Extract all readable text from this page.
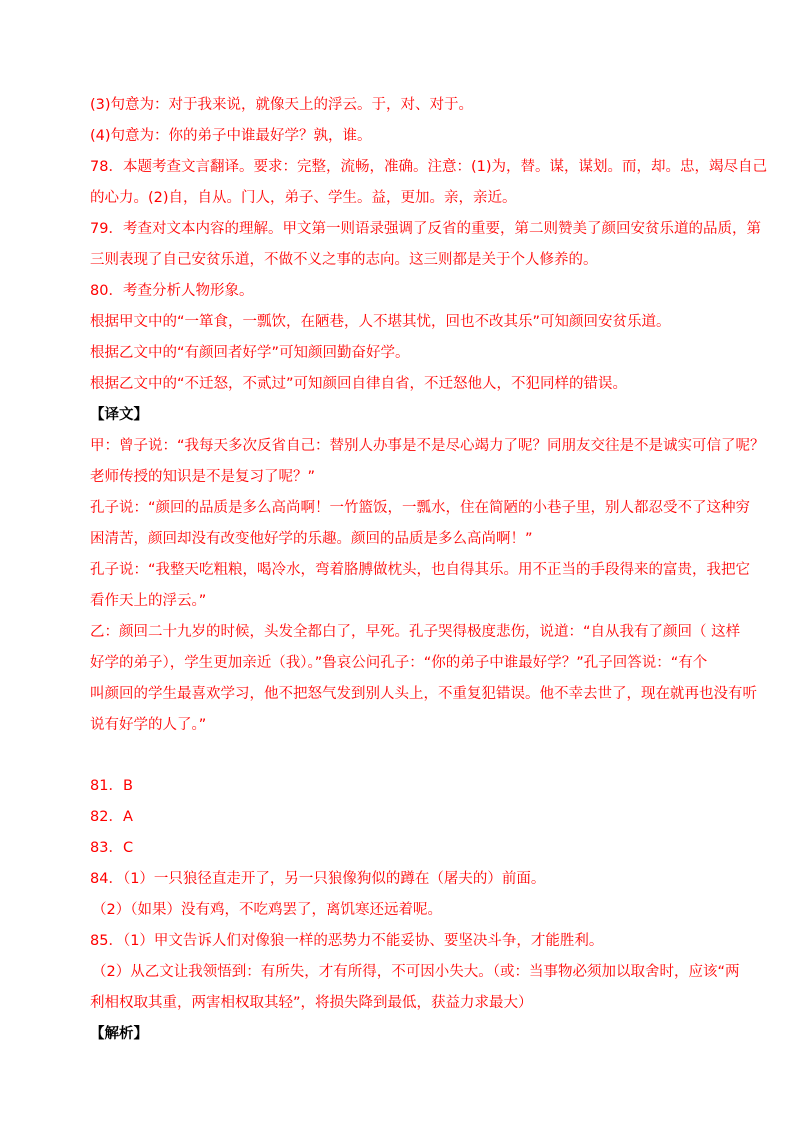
(3)句意为：对于我来说，就像天上的浮云。于，对、对于。
(4)句意为：你的弟子中谁最好学？孰，谁。
78．本题考查文言翻译。要求：完整，流畅，准确。注意：(1)为，替。谋，谋划。而，却。忠，竭尽自己
的心力。(2)自，自从。门人，弟子、学生。益，更加。亲，亲近。
79．考查对文本内容的理解。甲文第一则语录强调了反省的重要，第二则赞美了颜回安贫乐道的品质，第
三则表现了自己安贫乐道，不做不义之事的志向。这三则都是关于个人修养的。
80．考查分析人物形象。
根据甲文中的“一箪食，一瓢饮，在陋巷，人不堪其忧，回也不改其乐”可知颜回安贫乐道。
根据乙文中的“有颜回者好学”可知颜回勤奋好学。
根据乙文中的“不迁怒，不贰过”可知颜回自律自省，不迁怒他人，不犯同样的错误。
【译文】
甲：曾子说：“我每天多次反省自己：替别人办事是不是尽心竭力了呢？同朋友交往是不是诚实可信了呢？
老师传授的知识是不是复习了呢？”
孔子说：“颜回的品质是多么高尚啊！一竹篮饭，一瓢水，住在简陋的小巷子里，别人都忍受不了这种穷
困清苦，颜回却没有改变他好学的乐趣。颜回的品质是多么高尚啊！”
孔子说：“我整天吃粗粮，喝冷水，弯着胳膊做枕头，也自得其乐。用不正当的手段得来的富贵，我把它
看作天上的浮云。”
乙：颜回二十九岁的时候，头发全都白了，早死。孔子哭得极度悲伤，说道：“自从我有了颜回（ 这样
好学的弟子），学生更加亲近（我）。”鲁哀公问孔子：“你的弟子中谁最好学？”孔子回答说：“有个
叫颜回的学生最喜欢学习，他不把怒气发到别人头上，不重复犯错误。他不幸去世了，现在就再也没有听
说有好学的人了。”
81．B
82．A
83．C
84．（1）一只狼径直走开了，另一只狼像狗似的蹲在（屠夫的）前面。
（2）（如果）没有鸡，不吃鸡罢了，离饥寒还远着呢。
85．（1）甲文告诉人们对像狼一样的恶势力不能妥协、要坚决斗争，才能胜利。
（2）从乙文让我领悟到：有所失，才有所得，不可因小失大。（或：当事物必须加以取舍时，应该“两
利相权取其重，两害相权取其轻”，将损失降到最低，获益力求最大）
【解析】
